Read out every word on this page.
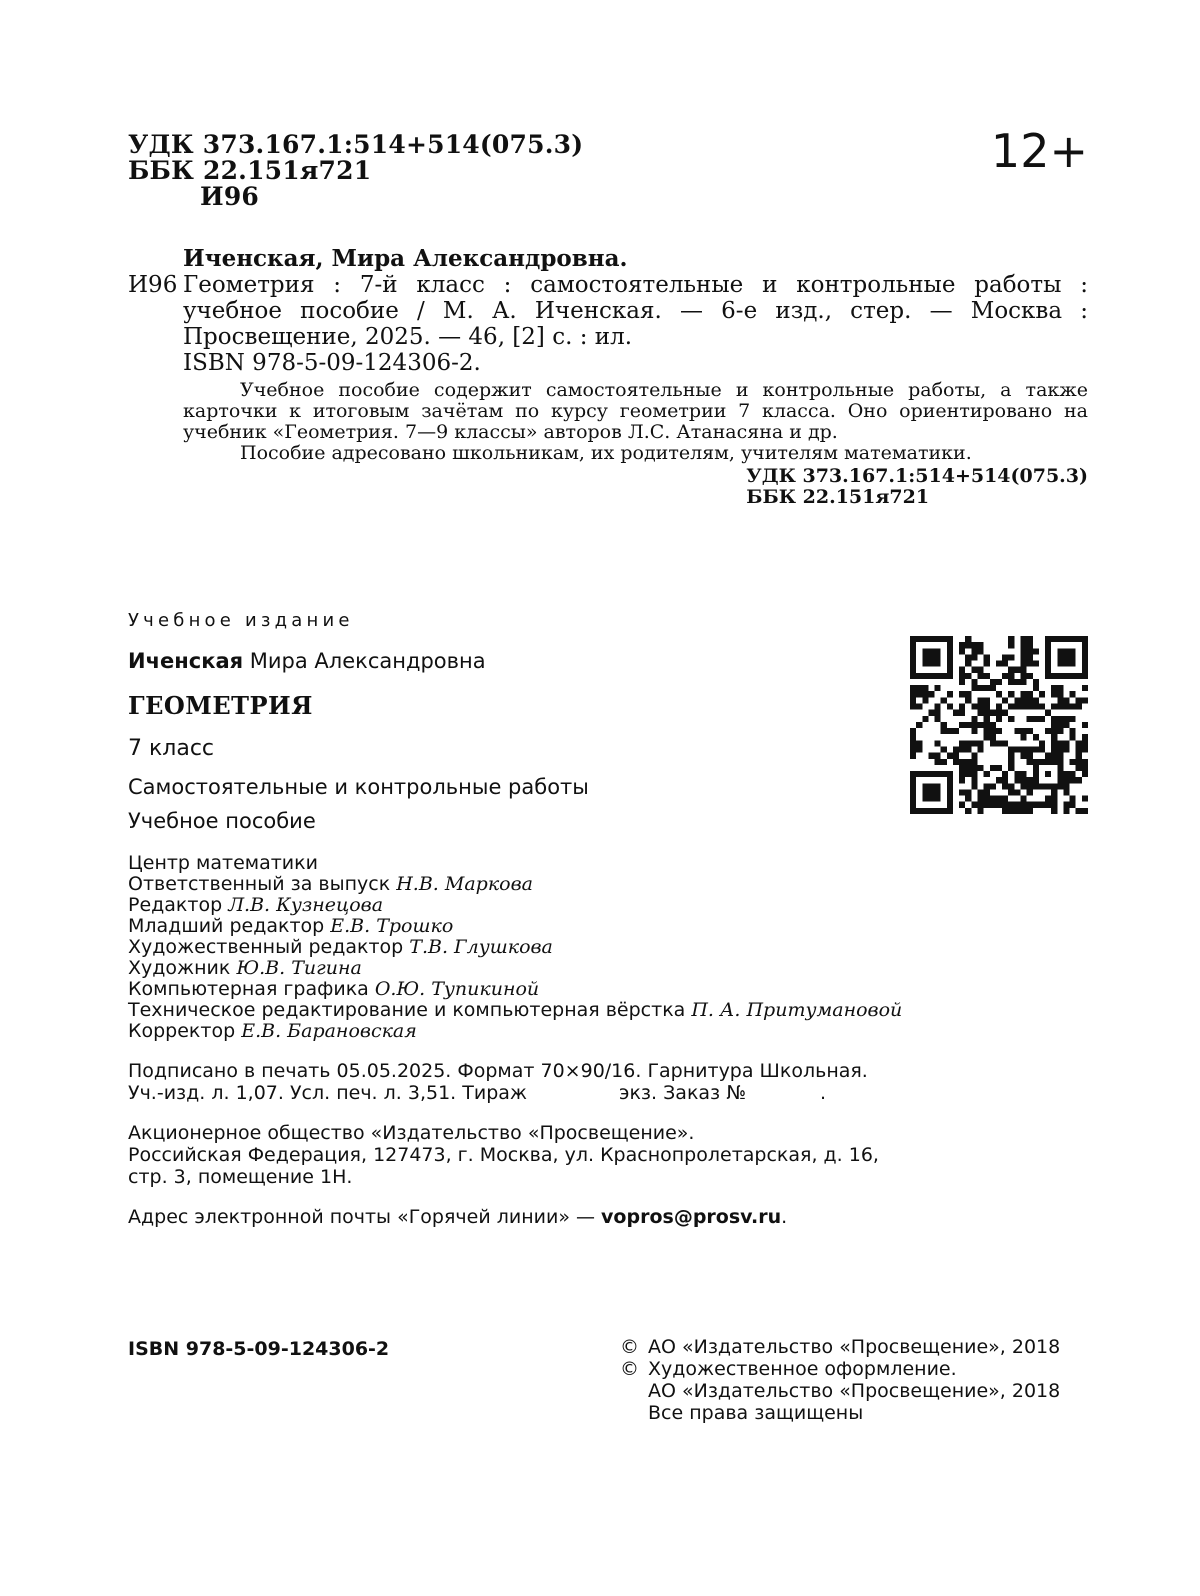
УДК 373.167.1:514+514(075.3)
ББК 22.151я721
И96
12+
Иченская, Мира Александровна.
И96 Геометрия : 7-й класс : самостоятельные и контрольные работы :
учебное пособие / М. А. Иченская. — 6-е изд., стер. — Москва :
Просвещение, 2025. — 46, [2] с. : ил.
ISBN 978-5-09-124306-2.

Учебное пособие содержит самостоятельные и контрольные работы, а также карточки к итоговым зачётам по курсу геометрии 7 класса. Оно ориентировано на учебник «Геометрия. 7—9 классы» авторов Л.С. Атанасяна и др.

Пособие адресовано школьникам, их родителям, учителям математики.

УДК 373.167.1:514+514(075.3)
ББК 22.151я721
Учебное издание
Иченская Мира Александровна
ГЕОМЕТРИЯ
7 класс
Самостоятельные и контрольные работы
Учебное пособие
Центр математики
Ответственный за выпуск Н.В. Маркова
Редактор Л.В. Кузнецова
Младший редактор Е.В. Трошко
Художественный редактор Т.В. Глушкова
Художник Ю.В. Тигина
Компьютерная графика О.Ю. Тупикиной
Техническое редактирование и компьютерная вёрстка П. А. Притумановой
Корректор Е.В. Барановская
Подписано в печать 05.05.2025. Формат 70×90/16. Гарнитура Школьная.
Уч.-изд. л. 1,07. Усл. печ. л. 3,51. Тираж	экз. Заказ №	.
Акционерное общество «Издательство «Просвещение».
Российская Федерация, 127473, г. Москва, ул. Краснопролетарская, д. 16,
стр. 3, помещение 1Н.
Адрес электронной почты «Горячей линии» — vopros@prosv.ru.
ISBN 978-5-09-124306-2	© АО «Издательство «Просвещение», 2018
© Художественное оформление.
АО «Издательство «Просвещение», 2018
Все права защищены
